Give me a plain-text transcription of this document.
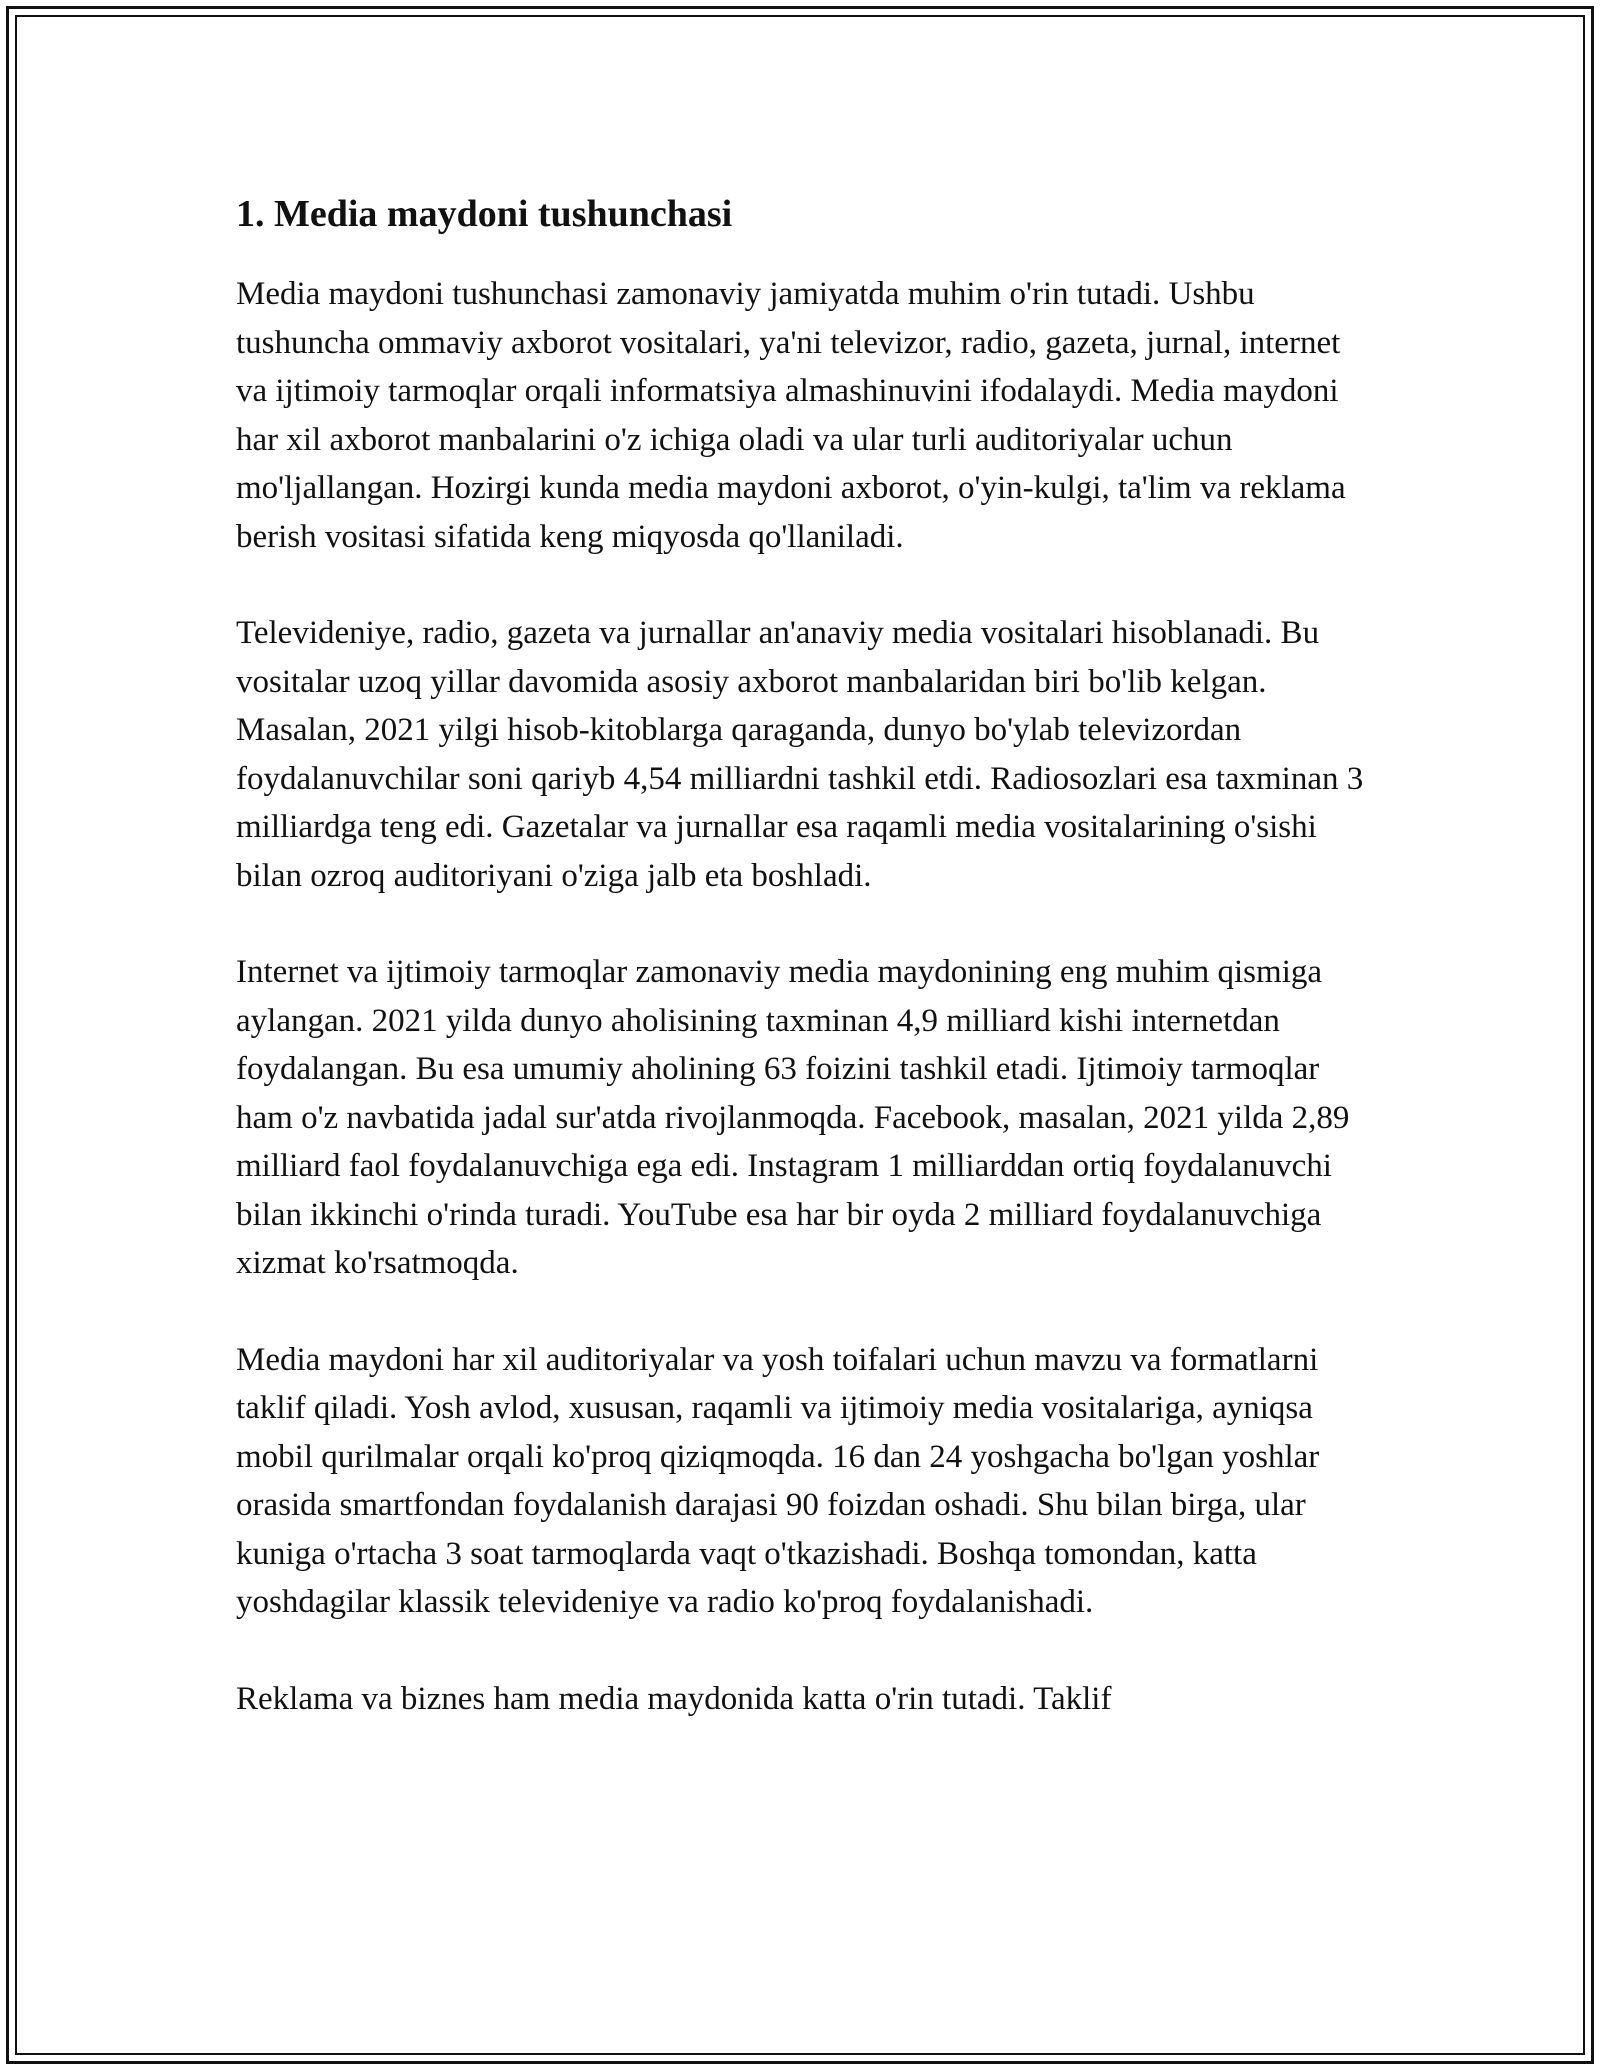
1. Media maydoni tushunchasi

Media maydoni tushunchasi zamonaviy jamiyatda muhim o'rin tutadi. Ushbu tushuncha ommaviy axborot vositalari, ya'ni televizor, radio, gazeta, jurnal, internet va ijtimoiy tarmoqlar orqali informatsiya almashinuvini ifodalaydi. Media maydoni har xil axborot manbalarini o'z ichiga oladi va ular turli auditoriyalar uchun mo'ljallangan. Hozirgi kunda media maydoni axborot, o'yin-kulgi, ta'lim va reklama berish vositasi sifatida keng miqyosda qo'llaniladi.

Televideniye, radio, gazeta va jurnallar an'anaviy media vositalari hisoblanadi. Bu vositalar uzoq yillar davomida asosiy axborot manbalaridan biri bo'lib kelgan. Masalan, 2021 yilgi hisob-kitoblarga qaraganda, dunyo bo'ylab televizordan foydalanuvchilar soni qariyb 4,54 milliardni tashkil etdi. Radiosozlari esa taxminan 3 milliardga teng edi. Gazetalar va jurnallar esa raqamli media vositalarining o'sishi bilan ozroq auditoriyani o'ziga jalb eta boshladi.

Internet va ijtimoiy tarmoqlar zamonaviy media maydonining eng muhim qismiga aylangan. 2021 yilda dunyo aholisining taxminan 4,9 milliard kishi internetdan foydalangan. Bu esa umumiy aholining 63 foizini tashkil etadi. Ijtimoiy tarmoqlar ham o'z navbatida jadal sur'atda rivojlanmoqda. Facebook, masalan, 2021 yilda 2,89 milliard faol foydalanuvchiga ega edi. Instagram 1 milliarddan ortiq foydalanuvchi bilan ikkinchi o'rinda turadi. YouTube esa har bir oyda 2 milliard foydalanuvchiga xizmat ko'rsatmoqda.

Media maydoni har xil auditoriyalar va yosh toifalari uchun mavzu va formatlarni taklif qiladi. Yosh avlod, xususan, raqamli va ijtimoiy media vositalariga, ayniqsa mobil qurilmalar orqali ko'proq qiziqmoqda. 16 dan 24 yoshgacha bo'lgan yoshlar orasida smartfondan foydalanish darajasi 90 foizdan oshadi. Shu bilan birga, ular kuniga o'rtacha 3 soat tarmoqlarda vaqt o'tkazishadi. Boshqa tomondan, katta yoshdagilar klassik televideniye va radio ko'proq foydalanishadi.

Reklama va biznes ham media maydonida katta o'rin tutadi. Taklif
